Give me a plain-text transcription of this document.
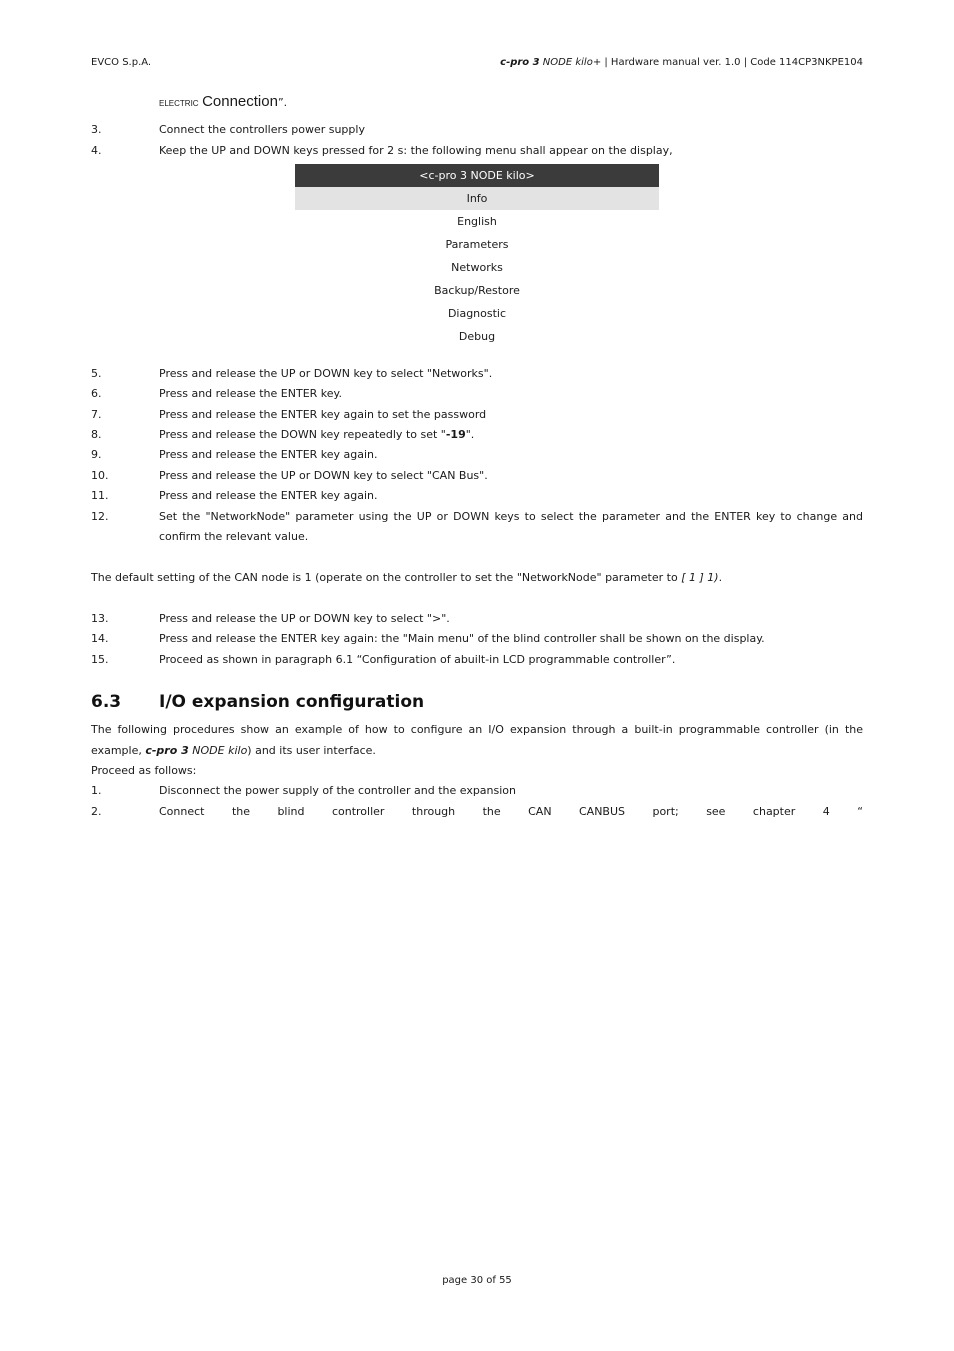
EVCO S.p.A.	c-pro 3 NODE kilo+ | Hardware manual ver. 1.0 | Code 114CP3NKPE104
electric Connection”.
3.	Connect the controllers power supply
4.	Keep the UP and DOWN keys pressed for 2 s: the following menu shall appear on the display,
<c-pro 3 NODE kilo>
Info
English
Parameters
Networks
Backup/Restore
Diagnostic
Debug
5.	Press and release the UP or DOWN key to select "Networks".
6.	Press and release the ENTER key.
7.	Press and release the ENTER key again to set the password
8.	Press and release the DOWN key repeatedly to set "-19".
9.	Press and release the ENTER key again.
10.	Press and release the UP or DOWN key to select "CAN Bus".
11.	Press and release the ENTER key again.
12.	Set the "NetworkNode" parameter using the UP or DOWN keys to select the parameter and the ENTER key to change and
confirm the relevant value.
The default setting of the CAN node is 1 (operate on the controller to set the "NetworkNode" parameter to [ 1 ] 1).
13.	Press and release the UP or DOWN key to select ">".
14.	Press and release the ENTER key again: the "Main menu" of the blind controller shall be shown on the display.
15.	Proceed as shown in paragraph 6.1 “Configuration of abuilt-in LCD programmable controller”.
6.3 I/O expansion configuration
The following procedures show an example of how to configure an I/O expansion through a built-in programmable controller (in the
example, c-pro 3 NODE kilo) and its user interface.
Proceed as follows:
1.	Disconnect the power supply of the controller and the expansion
2.	Connect the blind controller through the CAN CANBUS port; see chapter 4 “
page 30 of 55
